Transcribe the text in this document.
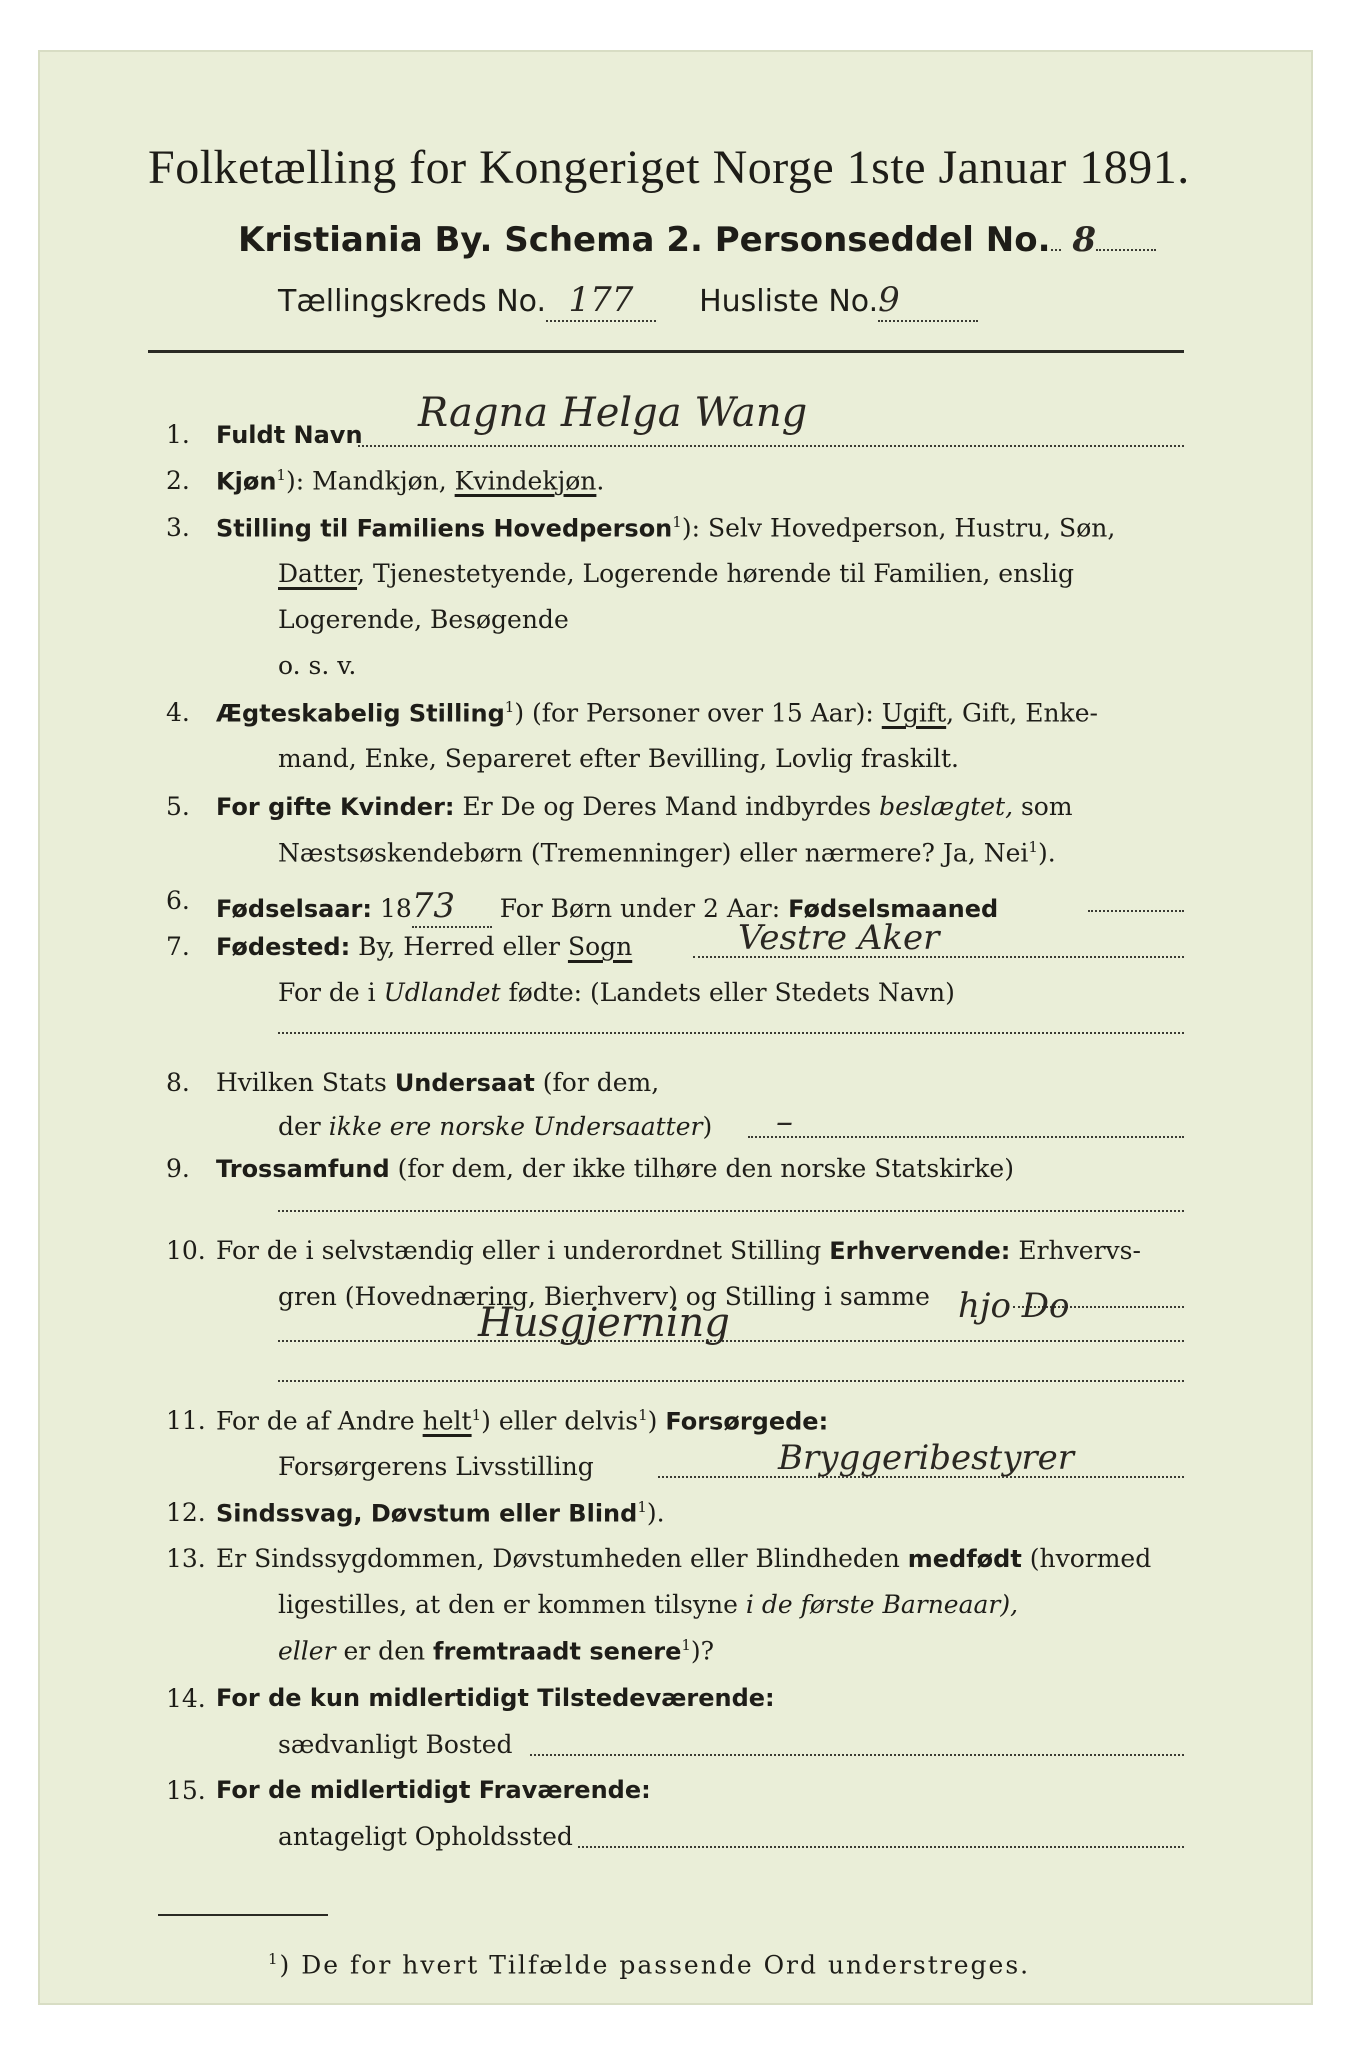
Folketælling for Kongeriget Norge 1ste Januar 1891.
Kristiania By. Schema 2. Personseddel No. 8
Tællingskreds No. 177 Husliste No.9
1. Fuldt Navn Ragna Helga Wang
2. Kjøn$^1$): Mandkjøn, Kvindekjøn.
3. Stilling til Familiens Hovedperson$^1$): Selv Hovedperson, Hustru, Søn,
Datter, Tjenestetyende, Logerende hørende til Familien, enslig
Logerende, Besøgende
o. s. v.
4. Ægteskabelig Stilling$^1$) (for Personer over 15 Aar): Ugift, Gift, Enke-
mand, Enke, Separeret efter Bevilling, Lovlig fraskilt.
5. For gifte Kvinder: Er De og Deres Mand indbyrdes beslægtet, som
Næstsøskendebørn (Tremenninger) eller nærmere? Ja, Nei$^1$).
6. Fødselsaar: 1873 For Børn under 2 Aar: Fødselsmaaned
7. Fødested: By, Herred eller Sogn	Vestre Aker
For de i Udlandet fødte: (Landets eller Stedets Navn)
8. Hvilken Stats Undersaat (for dem,
der ikke ere norske Undersaatter) –
9. Trossamfund (for dem, der ikke tilhøre den norske Statskirke)
10. For de i selvstændig eller i underordnet Stilling Erhvervende: Erhvervs-
gren (Hovednæring, Bierhverv) og Stilling i samme
Husgjerning	hjo Do
11. For de af Andre helt$^1$) eller delvis$^1$) Forsørgede:
Forsørgerens Livsstilling	Bryggeribestyrer
12. Sindssvag, Døvstum eller Blind$^1$).
13. Er Sindssygdommen, Døvstumheden eller Blindheden medfødt (hvormed
ligestilles, at den er kommen tilsyne i de første Barneaar),
eller er den fremtraadt senere$^1$)?
14. For de kun midlertidigt Tilstedeværende:
sædvanligt Bosted
15. For de midlertidigt Fraværende:
antageligt Opholdssted
$^1$) De for hvert Tilfælde passende Ord understreges.
